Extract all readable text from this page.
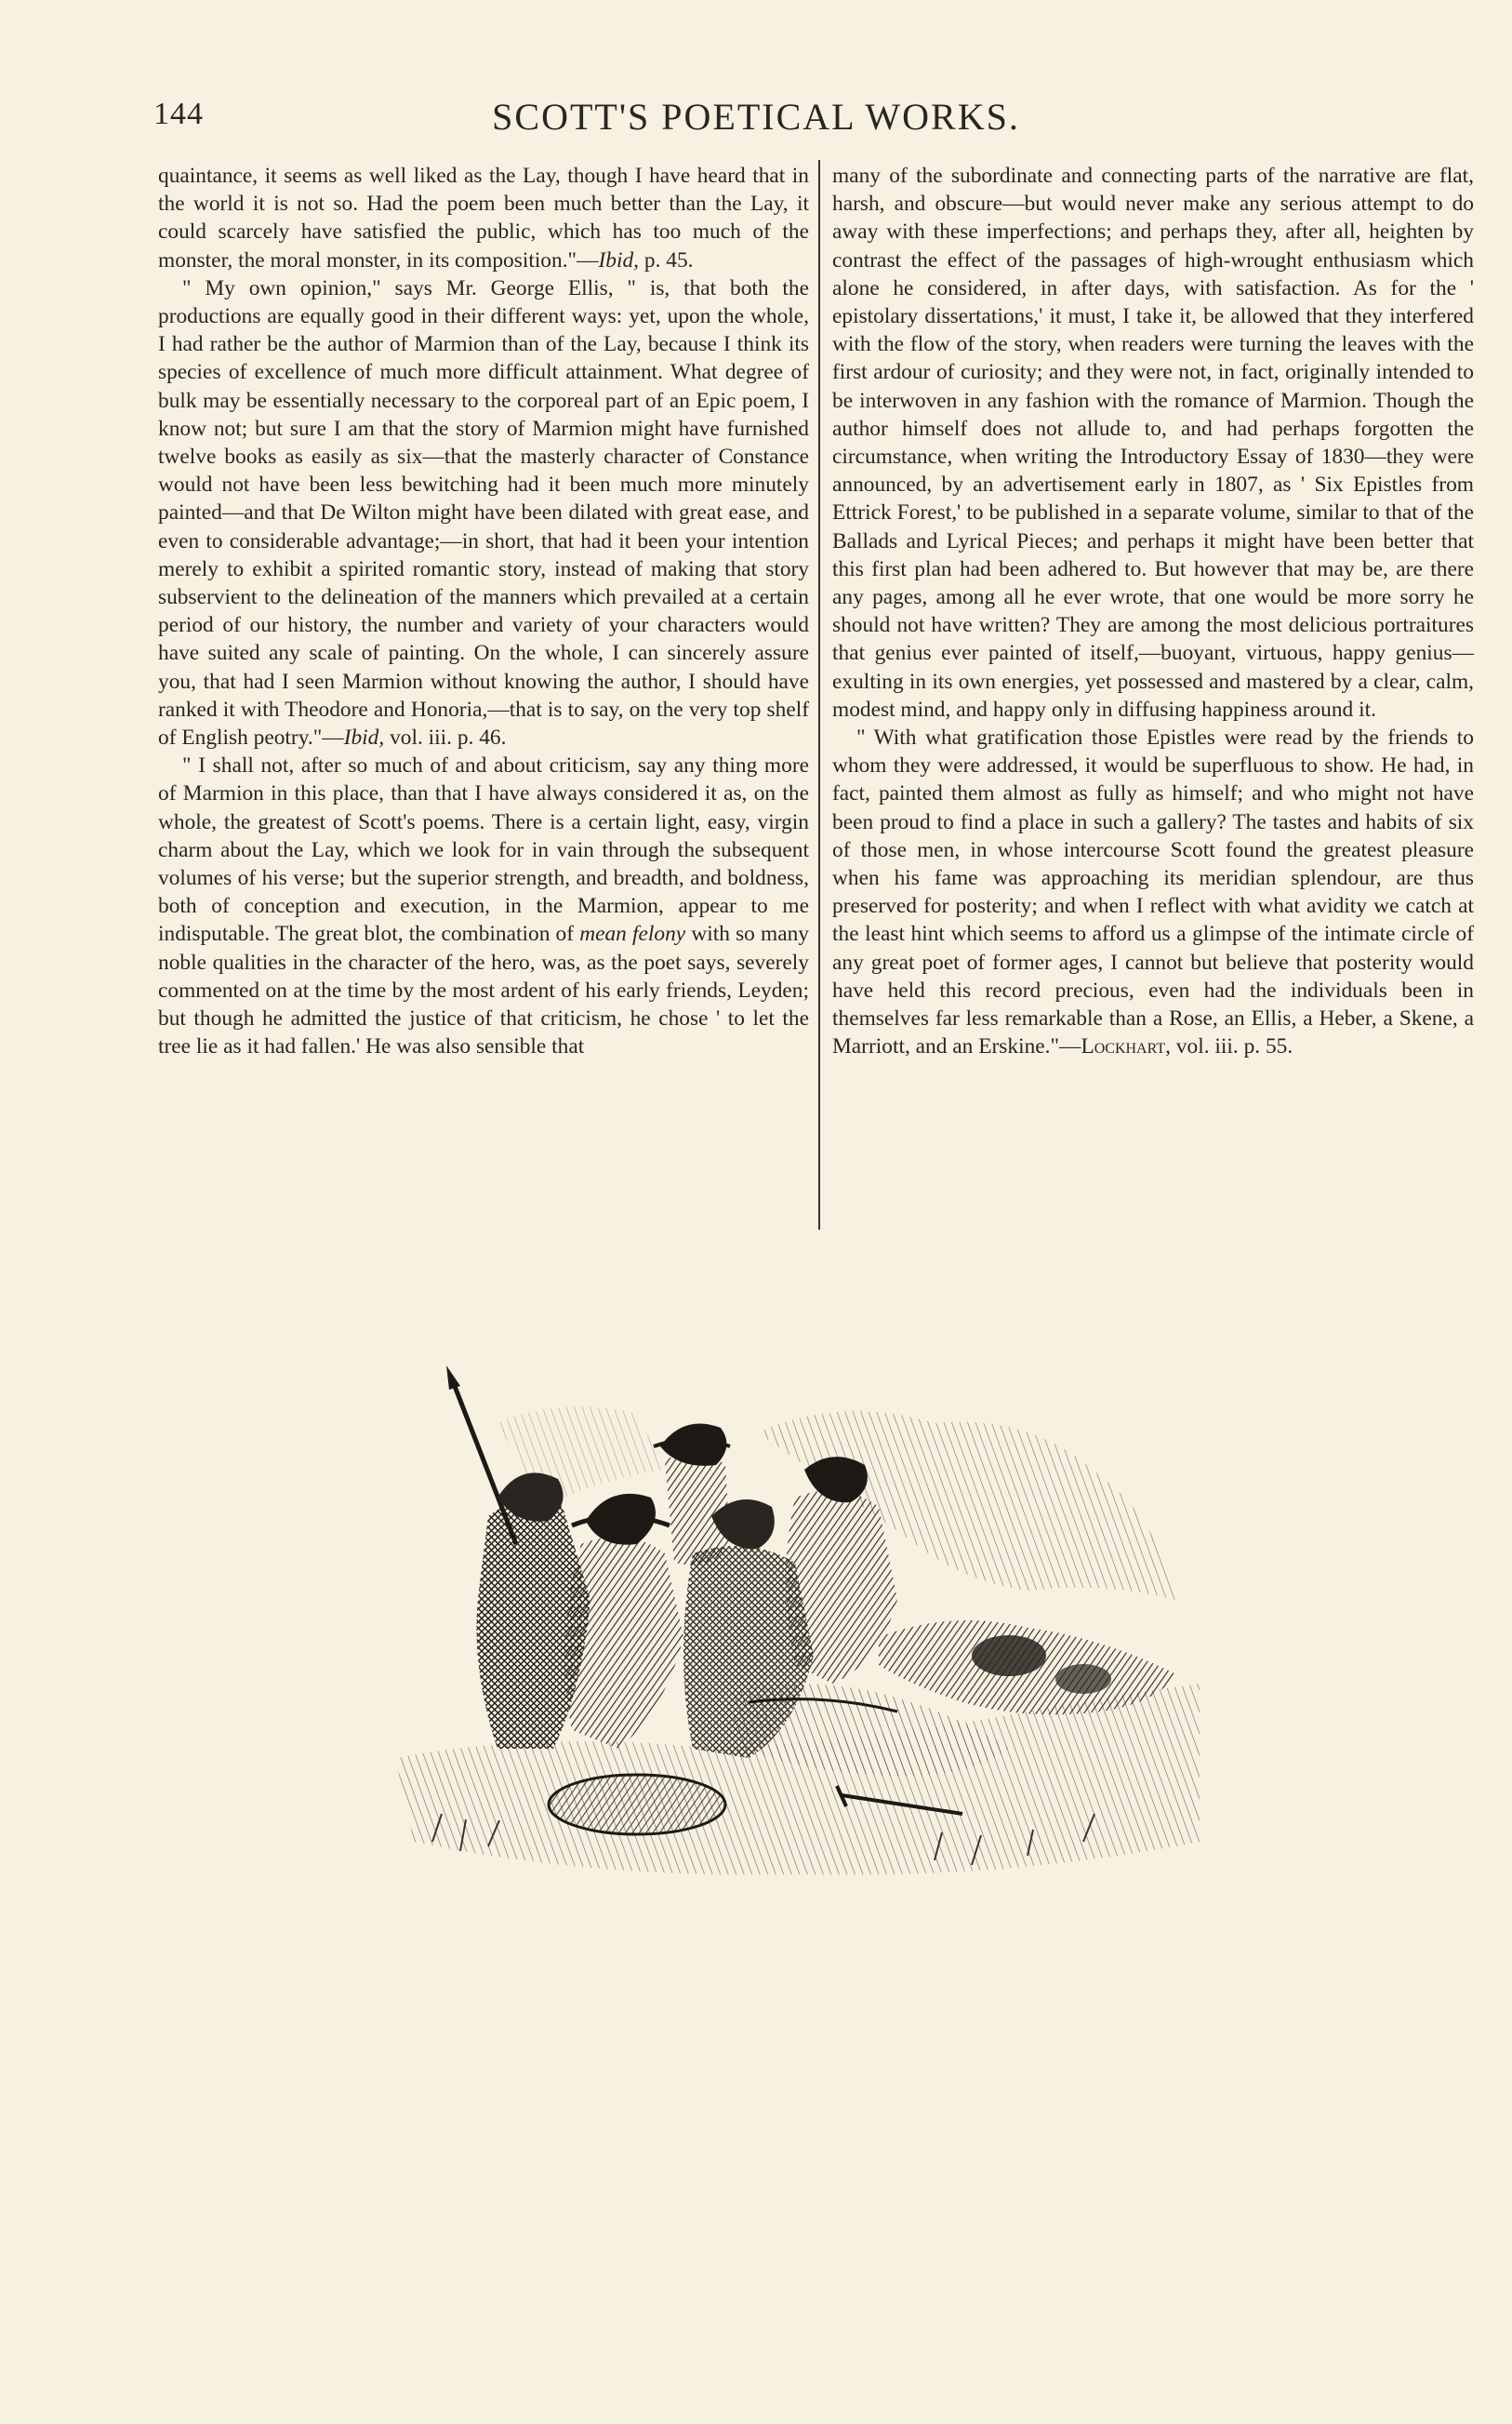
144	SCOTT'S POETICAL WORKS.

quaintance, it seems as well liked as the Lay, though I have heard that in the world it is not so. Had the poem been much better than the Lay, it could scarcely have satisfied the public, which has too much of the monster, the moral monster, in its composition."—Ibid, p. 45.

" My own opinion," says Mr. George Ellis, " is, that both the productions are equally good in their different ways: yet, upon the whole, I had rather be the author of Marmion than of the Lay, because I think its species of excellence of much more difficult attainment. What degree of bulk may be essentially necessary to the corporeal part of an Epic poem, I know not; but sure I am that the story of Marmion might have furnished twelve books as easily as six—that the masterly character of Constance would not have been less bewitching had it been much more minutely painted—and that De Wilton might have been dilated with great ease, and even to considerable advantage;—in short, that had it been your intention merely to exhibit a spirited romantic story, instead of making that story subservient to the delineation of the manners which prevailed at a certain period of our history, the number and variety of your characters would have suited any scale of painting. On the whole, I can sincerely assure you, that had I seen Marmion without knowing the author, I should have ranked it with Theodore and Honoria,—that is to say, on the very top shelf of English peotry."—Ibid, vol. iii. p. 46.

" I shall not, after so much of and about criticism, say any thing more of Marmion in this place, than that I have always considered it as, on the whole, the greatest of Scott's poems. There is a certain light, easy, virgin charm about the Lay, which we look for in vain through the subsequent volumes of his verse; but the superior strength, and breadth, and boldness, both of conception and execution, in the Marmion, appear to me indisputable. The great blot, the combination of mean felony with so many noble qualities in the character of the hero, was, as the poet says, severely commented on at the time by the most ardent of his early friends, Leyden; but though he admitted the justice of that criticism, he chose ' to let the tree lie as it had fallen.' He was also sensible that

many of the subordinate and connecting parts of the narrative are flat, harsh, and obscure—but would never make any serious attempt to do away with these imperfections; and perhaps they, after all, heighten by contrast the effect of the passages of high-wrought enthusiasm which alone he considered, in after days, with satisfaction. As for the ' epistolary dissertations,' it must, I take it, be allowed that they interfered with the flow of the story, when readers were turning the leaves with the first ardour of curiosity; and they were not, in fact, originally intended to be interwoven in any fashion with the romance of Marmion. Though the author himself does not allude to, and had perhaps forgotten the circumstance, when writing the Introductory Essay of 1830—they were announced, by an advertisement early in 1807, as ' Six Epistles from Ettrick Forest,' to be published in a separate volume, similar to that of the Ballads and Lyrical Pieces; and perhaps it might have been better that this first plan had been adhered to. But however that may be, are there any pages, among all he ever wrote, that one would be more sorry he should not have written? They are among the most delicious portraitures that genius ever painted of itself,—buoyant, virtuous, happy genius—exulting in its own energies, yet possessed and mastered by a clear, calm, modest mind, and happy only in diffusing happiness around it.

" With what gratification those Epistles were read by the friends to whom they were addressed, it would be superfluous to show. He had, in fact, painted them almost as fully as himself; and who might not have been proud to find a place in such a gallery? The tastes and habits of six of those men, in whose intercourse Scott found the greatest pleasure when his fame was approaching its meridian splendour, are thus preserved for posterity; and when I reflect with what avidity we catch at the least hint which seems to afford us a glimpse of the intimate circle of any great poet of former ages, I cannot but believe that posterity would have held this record precious, even had the individuals been in themselves far less remarkable than a Rose, an Ellis, a Heber, a Skene, a Marriott, and an Erskine."—Lockhart, vol. iii. p. 55.
